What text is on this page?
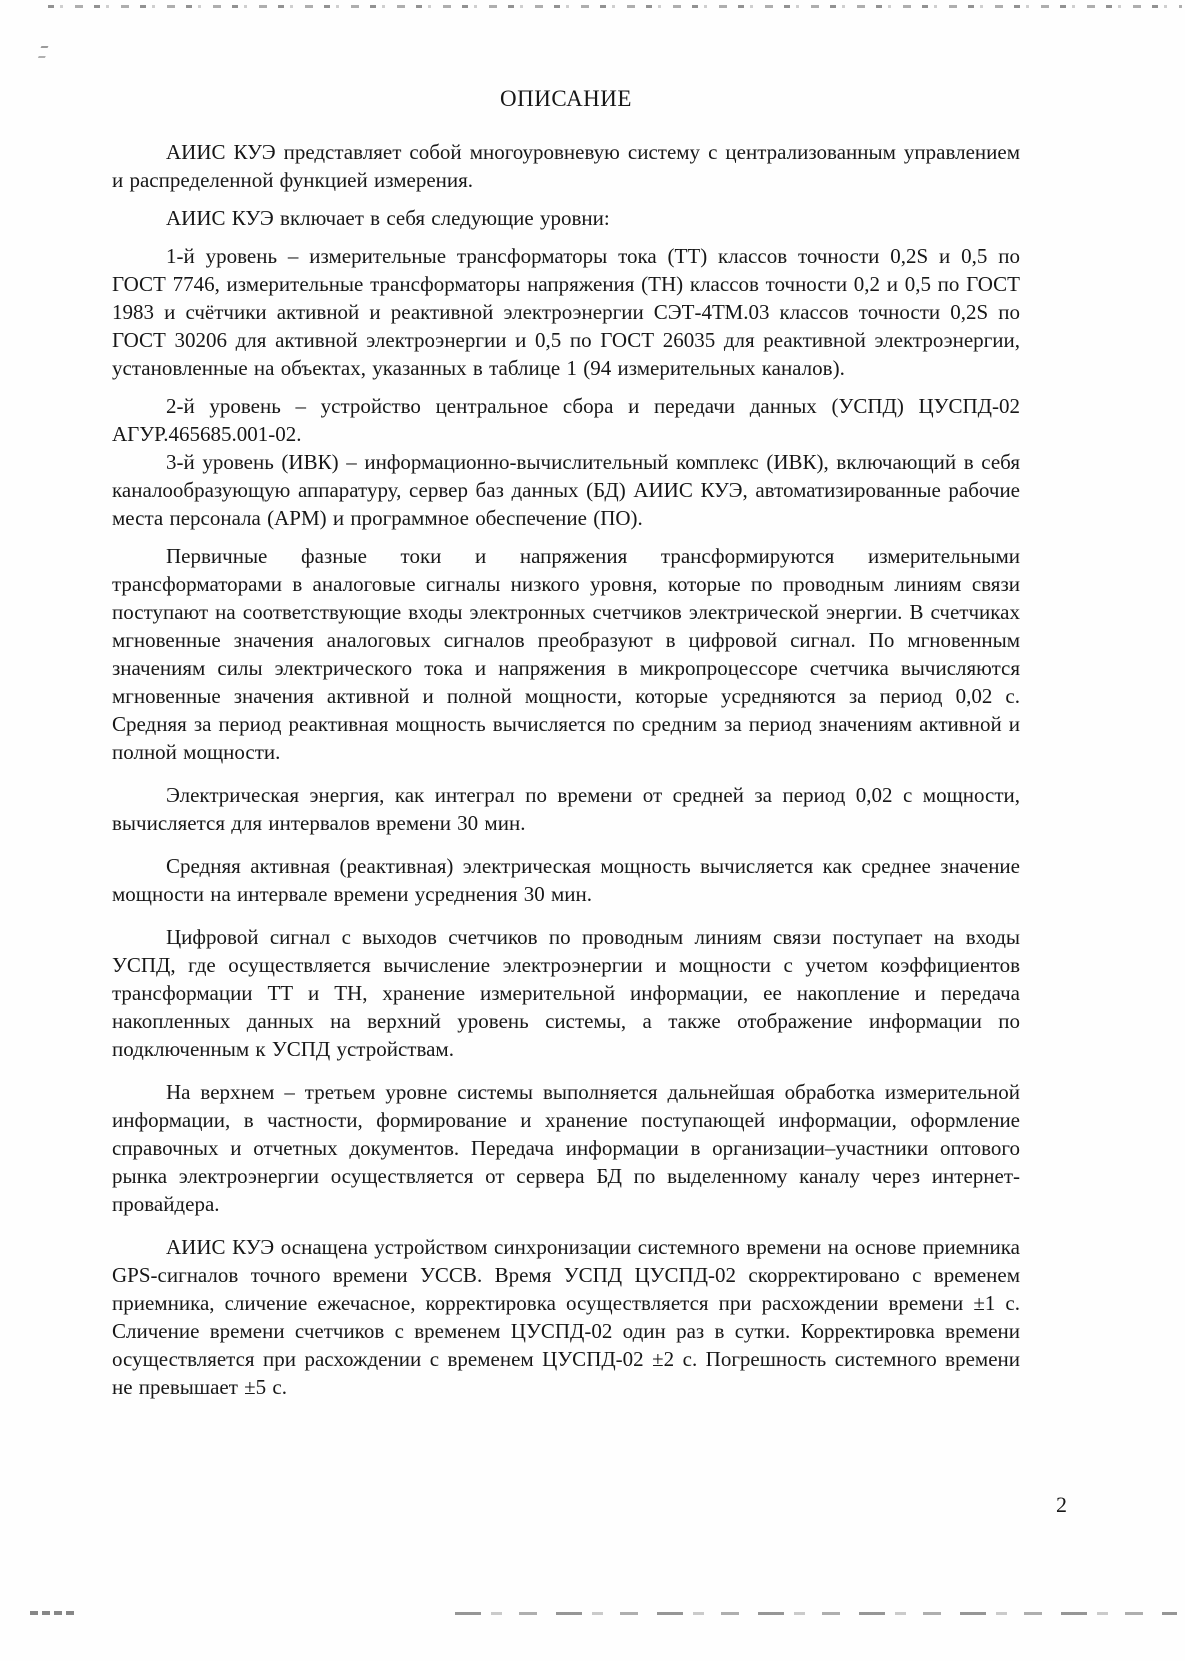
ОПИСАНИЕ

АИИС КУЭ представляет собой многоуровневую систему с централизованным управлением и распределенной функцией измерения.

АИИС КУЭ включает в себя следующие уровни:

1-й уровень – измерительные трансформаторы тока (ТТ) классов точности 0,2S и 0,5 по ГОСТ 7746, измерительные трансформаторы напряжения (ТН) классов точности 0,2 и 0,5 по ГОСТ 1983 и счётчики активной и реактивной электроэнергии СЭТ-4ТМ.03 классов точности 0,2S по ГОСТ 30206 для активной электроэнергии и 0,5 по ГОСТ 26035 для реактивной электроэнергии, установленные на объектах, указанных в таблице 1 (94 измерительных каналов).

2-й уровень – устройство центральное сбора и передачи данных (УСПД) ЦУСПД-02 АГУР.465685.001-02.

3-й уровень (ИВК) – информационно-вычислительный комплекс (ИВК), включающий в себя каналообразующую аппаратуру, сервер баз данных (БД) АИИС КУЭ, автоматизированные рабочие места персонала (АРМ) и программное обеспечение (ПО).

Первичные фазные токи и напряжения трансформируются измерительными трансформаторами в аналоговые сигналы низкого уровня, которые по проводным линиям связи поступают на соответствующие входы электронных счетчиков электрической энергии. В счетчиках мгновенные значения аналоговых сигналов преобразуют в цифровой сигнал. По мгновенным значениям силы электрического тока и напряжения в микропроцессоре счетчика вычисляются мгновенные значения активной и полной мощности, которые усредняются за период 0,02 с. Средняя за период реактивная мощность вычисляется по средним за период значениям активной и полной мощности.

Электрическая энергия, как интеграл по времени от средней за период 0,02 с мощности, вычисляется для интервалов времени 30 мин.

Средняя активная (реактивная) электрическая мощность вычисляется как среднее значение мощности на интервале времени усреднения 30 мин.

Цифровой сигнал с выходов счетчиков по проводным линиям связи поступает на входы УСПД, где осуществляется вычисление электроэнергии и мощности с учетом коэффициентов трансформации ТТ и ТН, хранение измерительной информации, ее накопление и передача накопленных данных на верхний уровень системы, а также отображение информации по подключенным к УСПД устройствам.

На верхнем – третьем уровне системы выполняется дальнейшая обработка измерительной информации, в частности, формирование и хранение поступающей информации, оформление справочных и отчетных документов. Передача информации в организации–участники оптового рынка электроэнергии осуществляется от сервера БД по выделенному каналу через интернет-провайдера.

АИИС КУЭ оснащена устройством синхронизации системного времени на основе приемника GPS-сигналов точного времени УССВ. Время УСПД ЦУСПД-02 скорректировано с временем приемника, сличение ежечасное, корректировка осуществляется при расхождении времени ±1 с. Сличение времени счетчиков с временем ЦУСПД-02 один раз в сутки. Корректировка времени осуществляется при расхождении с временем ЦУСПД-02 ±2 с. Погрешность системного времени не превышает ±5 с.

2
